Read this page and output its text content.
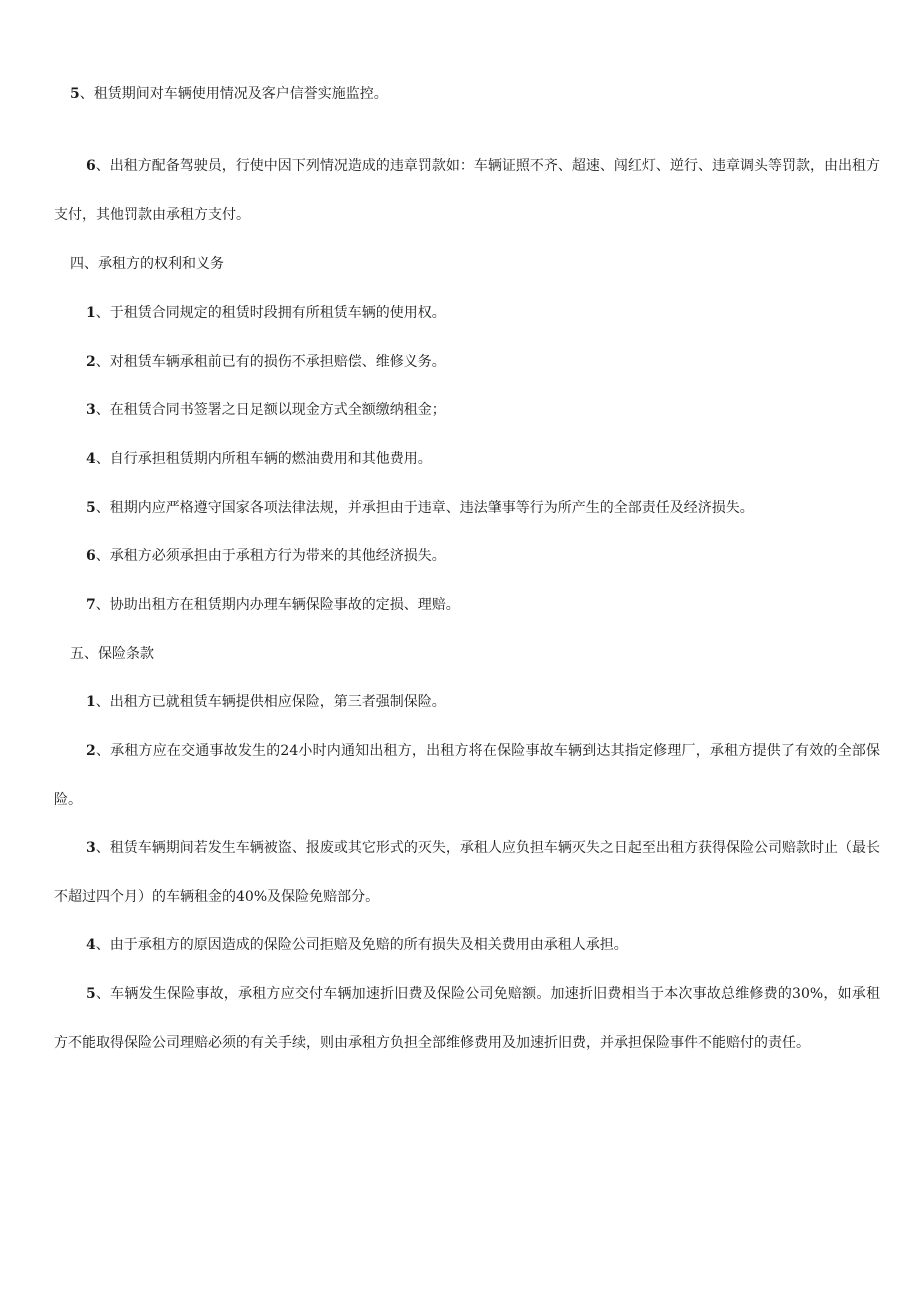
5、租赁期间对车辆使用情况及客户信誉实施监控。

6、出租方配备驾驶员，行使中因下列情况造成的违章罚款如：车辆证照不齐、超速、闯红灯、逆行、违章调头等罚款，由出租方支付，其他罚款由承租方支付。

四、承租方的权利和义务

1、于租赁合同规定的租赁时段拥有所租赁车辆的使用权。

2、对租赁车辆承租前已有的损伤不承担赔偿、维修义务。

3、在租赁合同书签署之日足额以现金方式全额缴纳租金；

4、自行承担租赁期内所租车辆的燃油费用和其他费用。

5、租期内应严格遵守国家各项法律法规，并承担由于违章、违法肇事等行为所产生的全部责任及经济损失。

6、承租方必须承担由于承租方行为带来的其他经济损失。

7、协助出租方在租赁期内办理车辆保险事故的定损、理赔。

五、保险条款

1、出租方已就租赁车辆提供相应保险，第三者强制保险。

2、承租方应在交通事故发生的24小时内通知出租方，出租方将在保险事故车辆到达其指定修理厂，承租方提供了有效的全部保险。

3、租赁车辆期间若发生车辆被盗、报废或其它形式的灭失，承租人应负担车辆灭失之日起至出租方获得保险公司赔款时止（最长不超过四个月）的车辆租金的40%及保险免赔部分。

4、由于承租方的原因造成的保险公司拒赔及免赔的所有损失及相关费用由承租人承担。

5、车辆发生保险事故，承租方应交付车辆加速折旧费及保险公司免赔额。加速折旧费相当于本次事故总维修费的30%，如承租方不能取得保险公司理赔必须的有关手续，则由承租方负担全部维修费用及加速折旧费，并承担保险事件不能赔付的责任。
